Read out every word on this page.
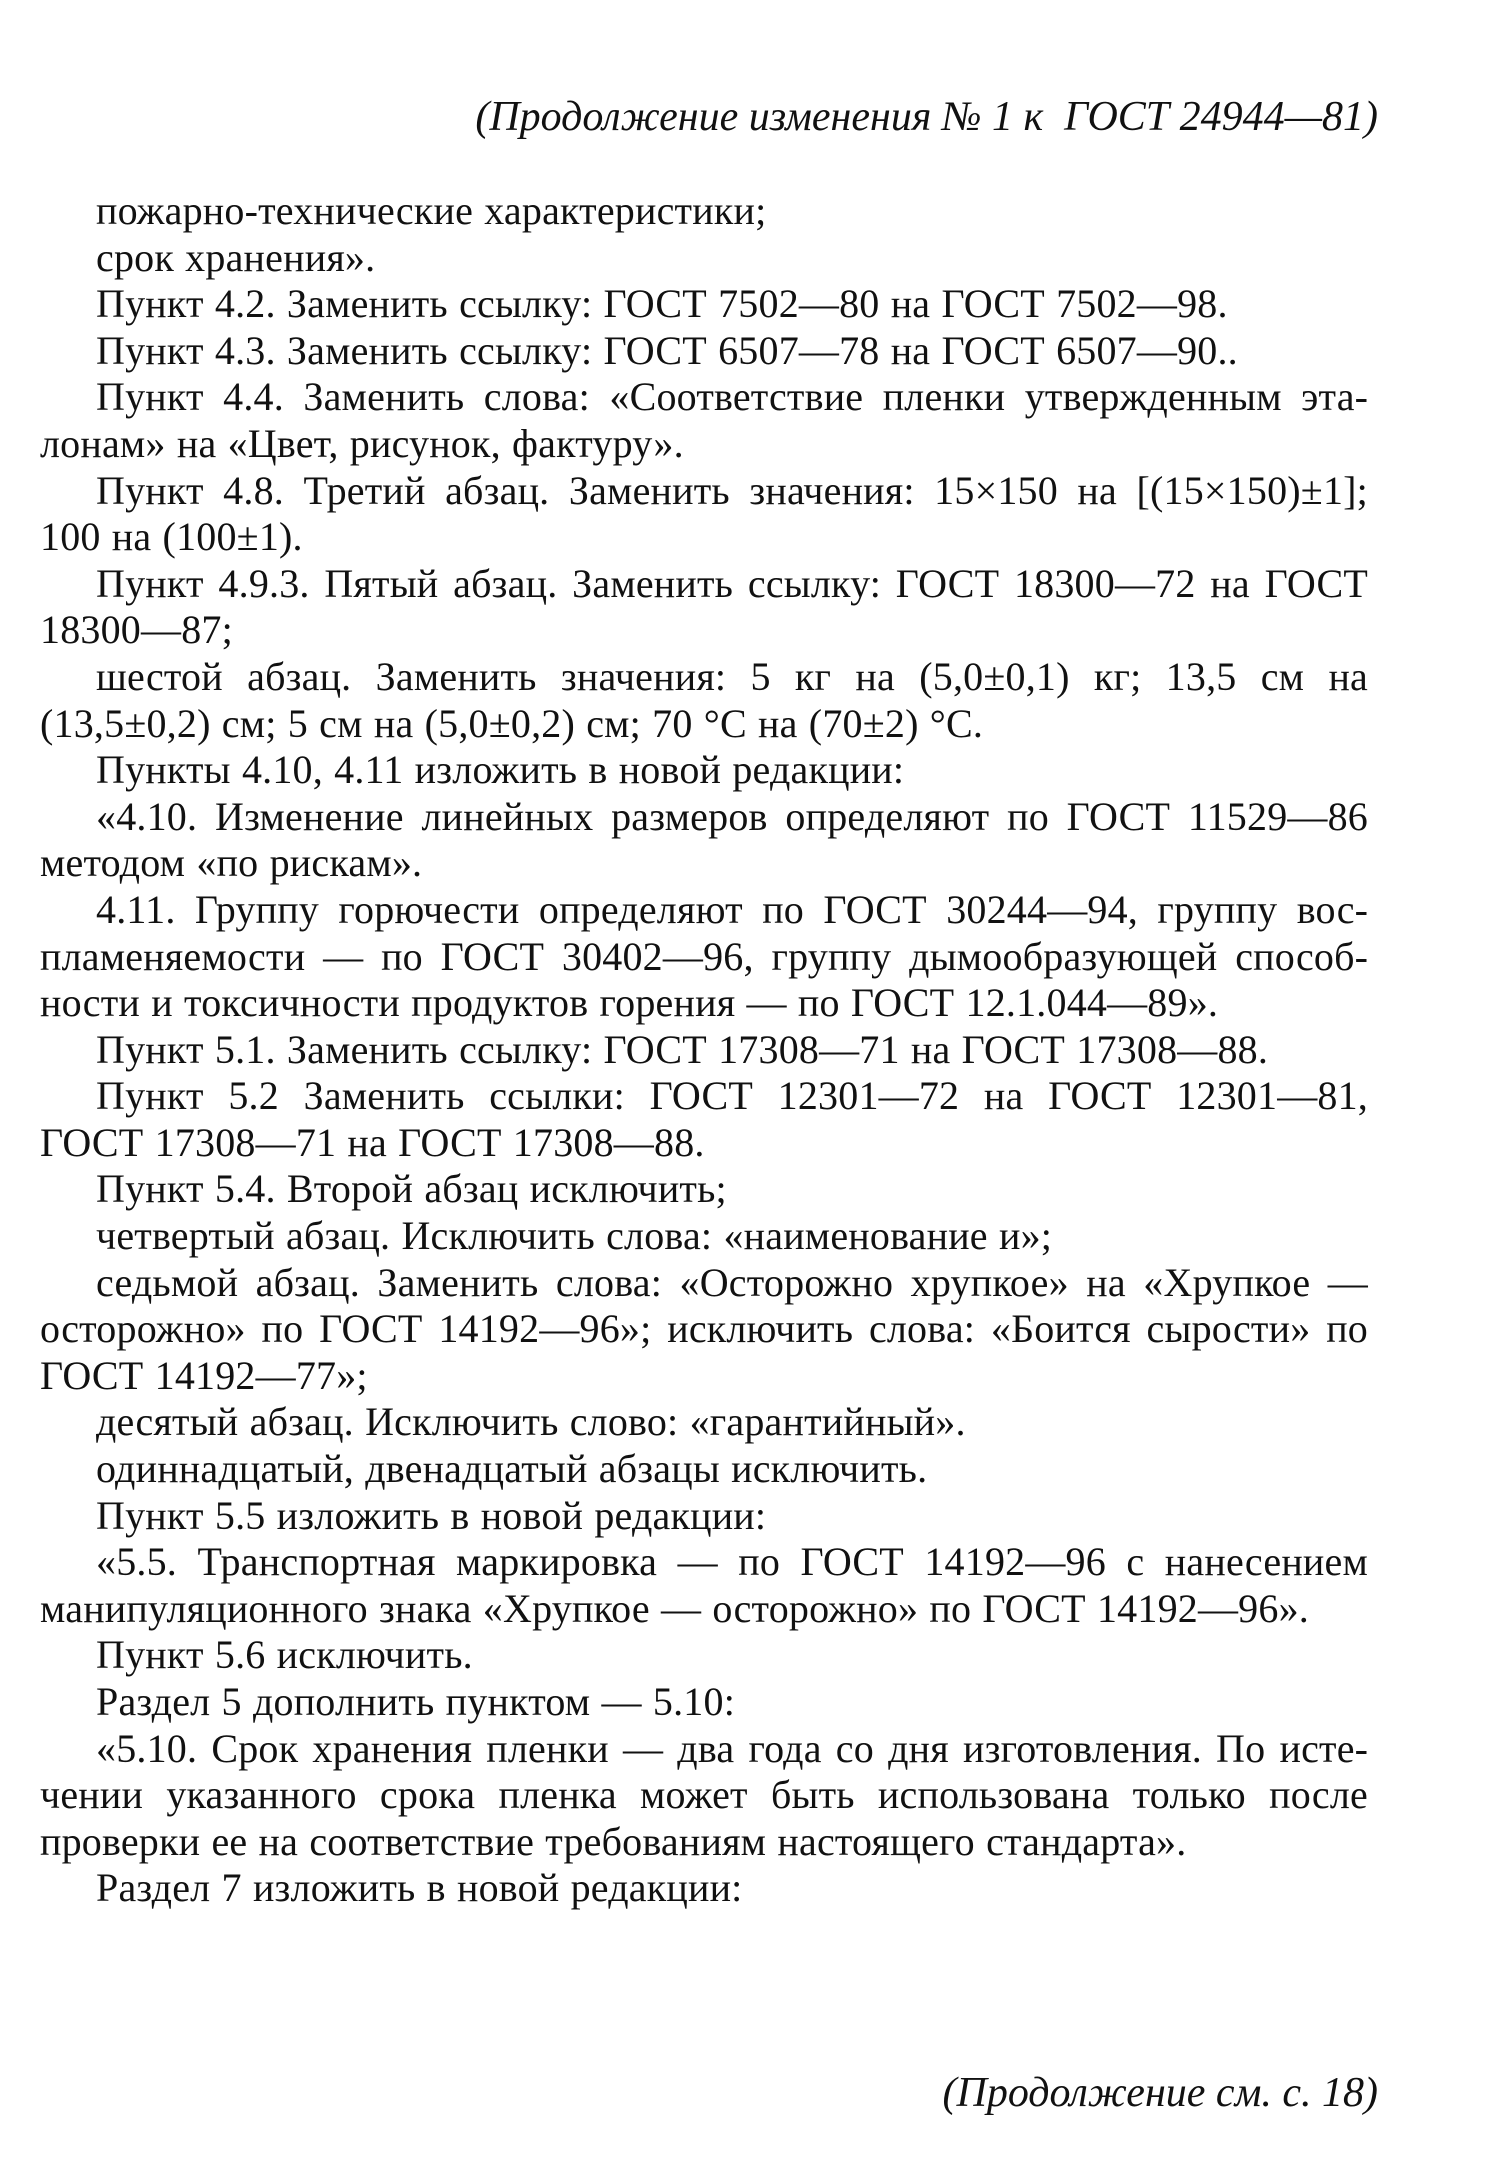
(Продолжение изменения № 1 к  ГОСТ 24944—81)

пожарно-технические характеристики;

срок хранения».

Пункт 4.2. Заменить ссылку: ГОСТ 7502—80 на ГОСТ 7502—98.

Пункт 4.3. Заменить ссылку: ГОСТ 6507—78 на ГОСТ 6507—90..

Пункт 4.4. Заменить слова: «Соответствие пленки утвержденным эталонам» на «Цвет, рисунок, фактуру».

Пункт 4.8. Третий абзац. Заменить значения: 15×150 на [(15×150)±1]; 100 на (100±1).

Пункт 4.9.3. Пятый абзац. Заменить ссылку: ГОСТ 18300—72 на ГОСТ 18300—87;

шестой абзац. Заменить значения: 5 кг на (5,0±0,1) кг; 13,5 см на (13,5±0,2) см; 5 см на (5,0±0,2) см; 70 °С на (70±2) °С.

Пункты 4.10, 4.11 изложить в новой редакции:

«4.10. Изменение линейных размеров определяют по ГОСТ 11529—86 методом «по рискам».

4.11. Группу горючести определяют по ГОСТ 30244—94, группу воспламеняемости — по ГОСТ 30402—96, группу дымообразующей способности и токсичности продуктов горения — по ГОСТ 12.1.044—89».

Пункт 5.1. Заменить ссылку: ГОСТ 17308—71 на ГОСТ 17308—88.

Пункт 5.2 Заменить ссылки: ГОСТ 12301—72 на ГОСТ 12301—81, ГОСТ 17308—71 на ГОСТ 17308—88.

Пункт 5.4. Второй абзац исключить;

четвертый абзац. Исключить слова: «наименование и»;

седьмой абзац. Заменить слова: «Осторожно хрупкое» на «Хрупкое — осторожно» по ГОСТ 14192—96»; исключить слова: «Боится сырости» по ГОСТ 14192—77»;

десятый абзац. Исключить слово: «гарантийный».

одиннадцатый, двенадцатый абзацы исключить.

Пункт 5.5 изложить в новой редакции:

«5.5. Транспортная маркировка — по ГОСТ 14192—96 с нанесением манипуляционного знака «Хрупкое — осторожно» по ГОСТ 14192—96».

Пункт 5.6 исключить.

Раздел 5 дополнить пунктом — 5.10:

«5.10. Срок хранения пленки — два года со дня изготовления. По истечении указанного срока пленка может быть использована только после проверки ее на соответствие требованиям настоящего стандарта».

Раздел 7 изложить в новой редакции:

(Продолжение см. с. 18)
